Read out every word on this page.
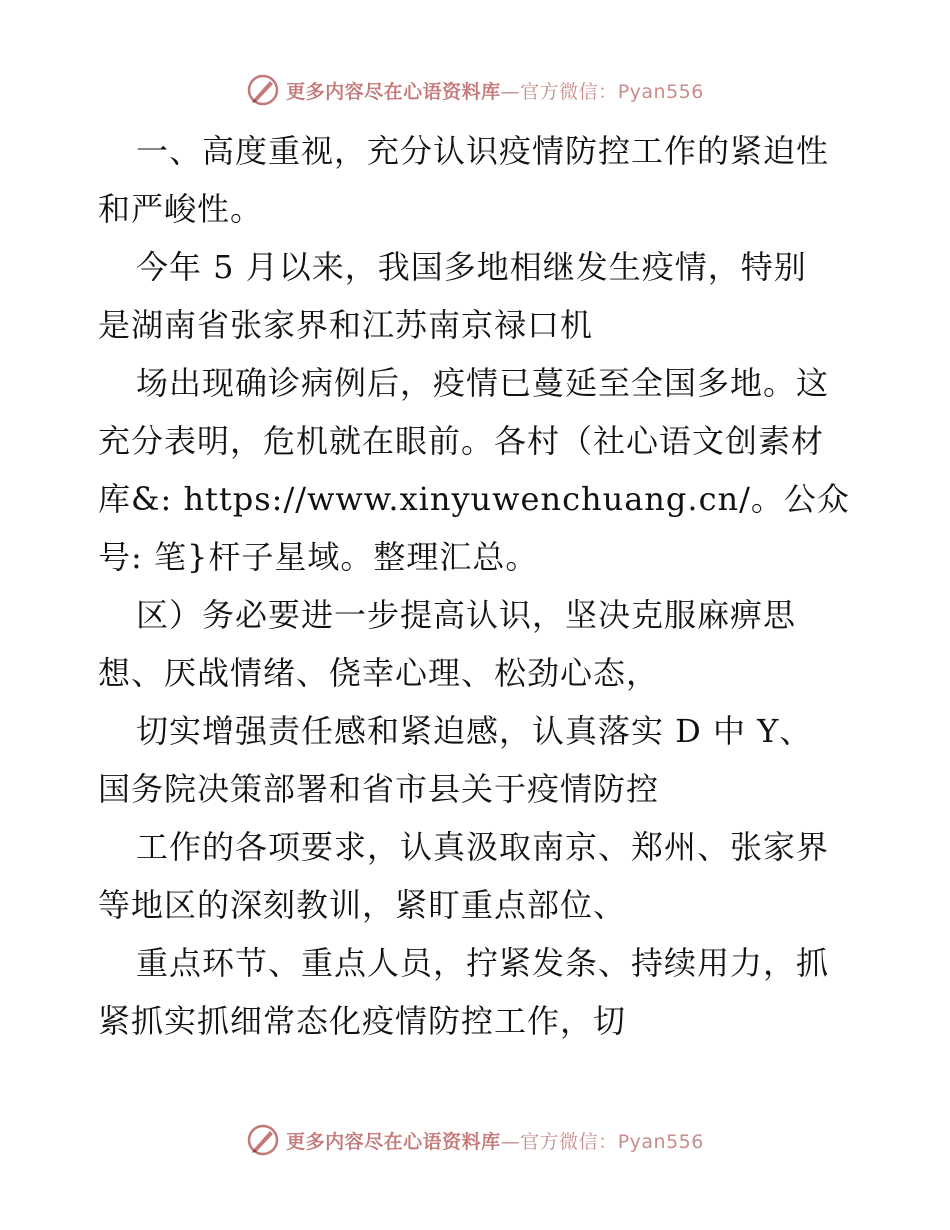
更多内容尽在心语资料库—官方微信：Pyan556

一、高度重视，充分认识疫情防控工作的紧迫性
和严峻性。

今年 5 月以来，我国多地相继发生疫情，特别
是湖南省张家界和江苏南京禄口机

场出现确诊病例后，疫情已蔓延至全国多地。这
充分表明，危机就在眼前。各村（社心语文创素材
库&: https://www.xinyuwenchuang.cn/。公众
号: 笔}杆子星域。整理汇总。

区）务必要进一步提高认识，坚决克服麻痹思
想、厌战情绪、侥幸心理、松劲心态，

切实增强责任感和紧迫感，认真落实 D 中 Y、
国务院决策部署和省市县关于疫情防控

工作的各项要求，认真汲取南京、郑州、张家界
等地区的深刻教训，紧盯重点部位、

重点环节、重点人员，拧紧发条、持续用力，抓
紧抓实抓细常态化疫情防控工作，切

更多内容尽在心语资料库—官方微信：Pyan556
